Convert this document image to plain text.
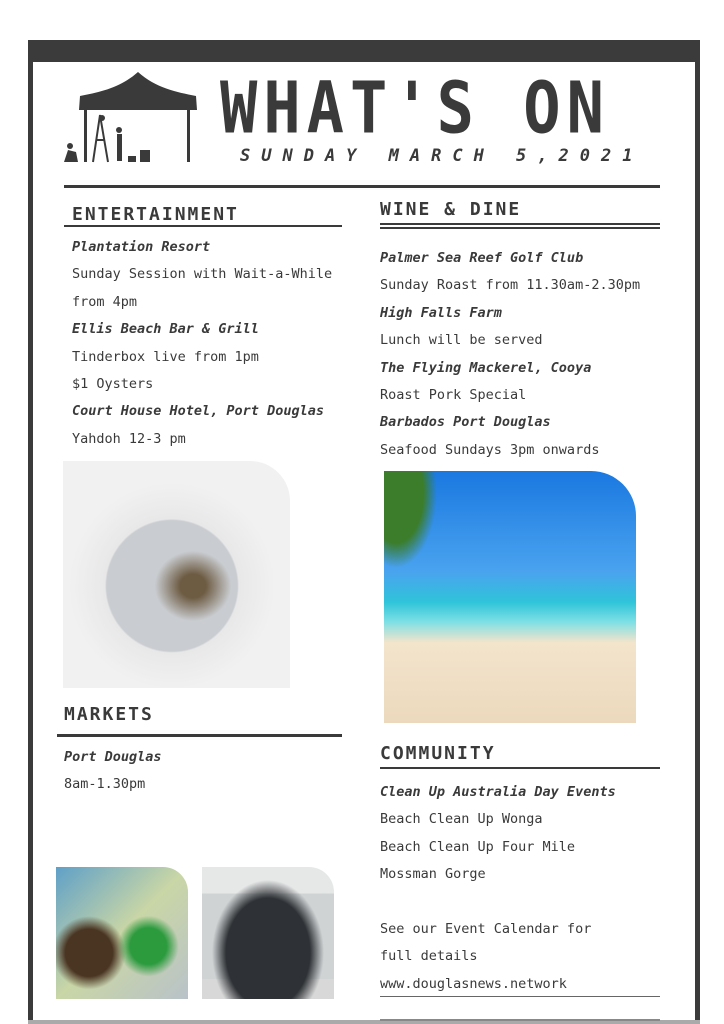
WHAT'S ON
SUNDAY MARCH 5,2021
ENTERTAINMENT
Plantation Resort
Sunday Session with Wait-a-While
from 4pm
Ellis Beach Bar & Grill
Tinderbox live from 1pm
$1 Oysters
Court House Hotel, Port Douglas
Yahdoh 12-3 pm
WINE & DINE
Palmer Sea Reef Golf Club
Sunday Roast from 11.30am-2.30pm
High Falls Farm
Lunch will be served
The Flying Mackerel, Cooya
Roast Pork Special
Barbados Port Douglas
Seafood Sundays 3pm onwards
MARKETS
Port Douglas
8am-1.30pm
COMMUNITY
Clean Up Australia Day Events
Beach Clean Up Wonga
Beach Clean Up Four Mile
Mossman Gorge

See our Event Calendar for
full details
www.douglasnews.network
